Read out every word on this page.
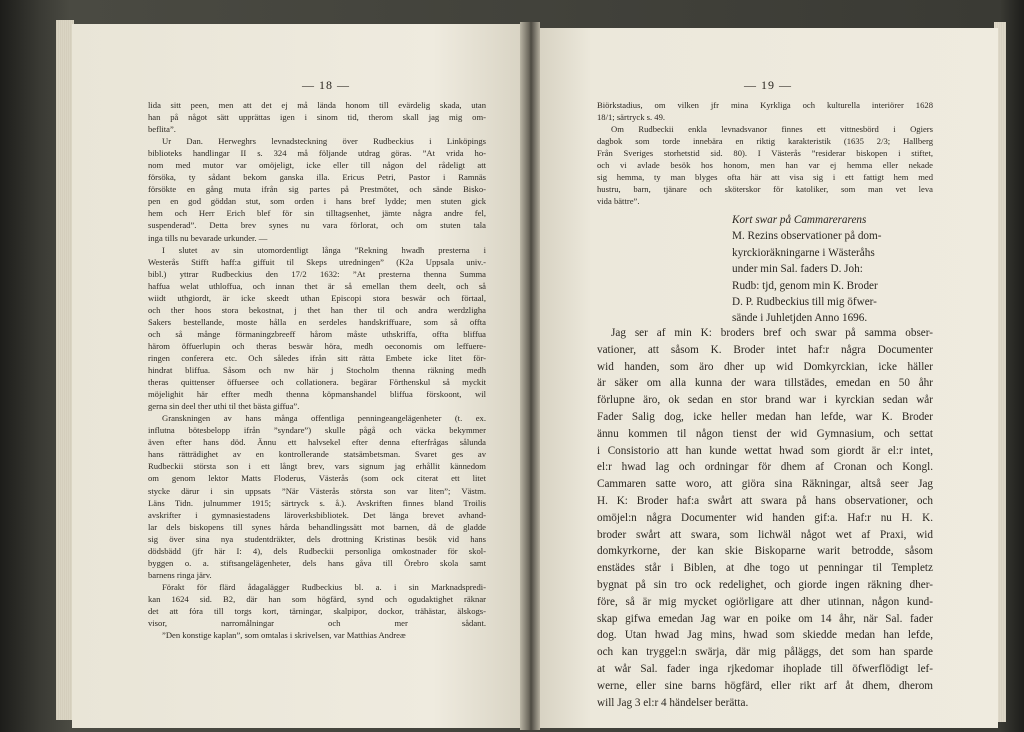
— 18 —	— 19 —
lida sitt peen, men att det ej må lända honom till evärdelig skada, utan
han på något sätt upprättas igen i sinom tid, therom skall jag mig om-
beflita”.
Ur Dan. Herweghrs levnadsteckning över Rudbeckius i Linköpings
biblioteks handlingar II s. 324 må följande utdrag göras. ”At vrida ho-
nom med mutor var omöjeligt, icke eller till någon del rådeligt att
försöka, ty sådant bekom ganska illa. Ericus Petri, Pastor i Ramnäs
försökte en gång muta ifrån sig partes på Prestmötet, och sände Bisko-
pen en god göddan stut, som orden i hans bref lydde; men stuten gick
hem och Herr Erich blef för sin tilltagsenhet, jämte några andre fel,
suspenderad”. Detta brev synes nu vara förlorat, och om stuten tala
inga tills nu bevarade urkunder. —
I slutet av sin utomordentligt långa ”Rekning hwadh presterna i
Westerås Stifft haff:a giffuit til Skeps utredningen” (K2a Uppsala univ.-
bibl.) yttrar Rudbeckius den 17/2 1632: ”At presterna thenna Summa
haffua welat uthloffua, och innan thet är så emellan them deelt, och så
wiidt uthgiordt, är icke skeedt uthan Episcopi stora beswär och förtaal,
och ther hoos stora bekostnat, j thet han ther til och andra werdzligha
Sakers bestellande, moste hålla en serdeles handskriffuare, som så offta
och så månge förmaningzbreeff hårom måste uthskriffa, offta bliffua
härom öffuerlupin och theras beswär höra, medh oeconomis om leffuere-
ringen conferera etc. Och således ifrån sitt rätta Embete icke litet för-
hindrat bliffua. Såsom och nw här j Stocholm thenna räkning medh
theras quittenser öffuersee och collationera. begärar Förthenskul så myckit
möjelighit här effter medh thenna köpmanshandel bliffua förskoont, wil
gerna sin deel ther uthi til thet bästa giffua”.
Granskningen av hans många offentliga penningeangelägenheter (t. ex.
influtna bötesbelopp ifrån ”syndare”) skulle pågå och väcka bekymmer
även efter hans död. Ännu ett halvsekel efter denna efterfrågas sålunda
hans rätträdighet av en kontrollerande statsämbetsman. Svaret ges av
Rudbeckii största son i ett långt brev, vars signum jag erhållit kännedom
om genom lektor Matts Floderus, Västerås (som ock citerat ett litet
stycke därur i sin uppsats ”När Västerås största son var liten”; Västm.
Läns Tidn. julnummer 1915; särtryck s. å.). Avskriften finnes bland Troilis
avskrifter i gymnasiestadens läroverksbibliotek. Det länga brevet avhand-
lar dels biskopens till synes hårda behandlingssätt mot barnen, då de gladde
sig över sina nya studentdräkter, dels drottning Kristinas besök vid hans
dödsbädd (jfr här I: 4), dels Rudbeckii personliga omkostnader för skol-
byggen o. a. stiftsangelägenheter, dels hans gåva till Örebro skola samt
barnens ringa järv.
Förakt för flärd ådagalägger Rudbeckius bl. a. i sin Marknadspredi-
kan 1624 sid. B2, där han som högfärd, synd och ogudaktighet räknar
det att fόra till torgs kort, tärningar, skalpipor, dockor, trähästar, älskogs-
visor, narromålningar och mer sådant.
”Den konstige kaplan”, som omtalas i skrivelsen, var Matthias Andreæ
Biörkstadius, om vilken jfr mina Kyrkliga och kulturella interiörer 1628
18/1; särtryck s. 49.
Om Rudbeckii enkla levnadsvanor finnes ett vittnesbörd i Ogiers
dagbok som torde innebära en riktig karakteristik (1635 2/3; Hallberg
Från Sveriges storhetstid sid. 80). I Västerås ”residerar biskopen i stiftet,
och vi avlade besök hos honom, men han var ej hemma eller nekade
sig hemma, ty man blyges ofta här att visa sig i ett fattigt hem med
hustru, barn, tjänare och sköterskor för katoliker, som man vet leva
vida bättre”.
Kort swar på Cammarerarens
M. Rezins observationer på dom-
kyrckioräkningarne i Wästeråhs
under min Sal. faders D. Joh:
Rudb: tjd, genom min K. Broder
D. P. Rudbeckius till mig öfwer-
sände i Juhletjden Anno 1696.
Jag ser af min K: broders bref och swar på samma obser-
vationer, att såsom K. Broder intet haf:r några Documenter
wid handen, som äro dher up wid Domkyrckian, icke häller
är säker om alla kunna der wara tillstädes, emedan en 50 åhr
förlupne äro, ok sedan en stor brand war i kyrckian sedan wår
Fader Salig dog, icke heller medan han lefde, war K. Broder
ännu kommen til någon tienst der wid Gymnasium, och settat
i Consistorio att han kunde wettat hwad som giordt är el:r intet,
el:r hwad lag och ordningar för dhem af Cronan och Kongl.
Cammaren satte woro, att giöra sina Räkningar, altså seer Jag
H. K: Broder haf:a swårt att swara på hans observationer, och
omöjel:n några Documenter wid handen gif:a. Haf:r nu H. K.
broder swårt att swara, som lichwäl något wet af Praxi, wid
domkyrkorne, der kan skie Biskoparne warit betrodde, såsom
enstädes står i Biblen, at dhe togo ut penningar til Templetz
bygnat på sin tro ock redelighet, och giorde ingen räkning dher-
före, så är mig mycket ogiörligare att dher utinnan, någon kund-
skap gifwa emedan Jag war en poike om 14 åhr, när Sal. fader
dog. Utan hwad Jag mins, hwad som skiedde medan han lefde,
och kan tryggel:n swärja, där mig påläggs, det som han sparde
at wår Sal. fader inga rjkedomar ihoplade till öfwerflödigt lef-
werne, eller sine barns högfärd, eller rikt arf åt dhem, dherom
will Jag 3 el:r 4 händelser berätta.
